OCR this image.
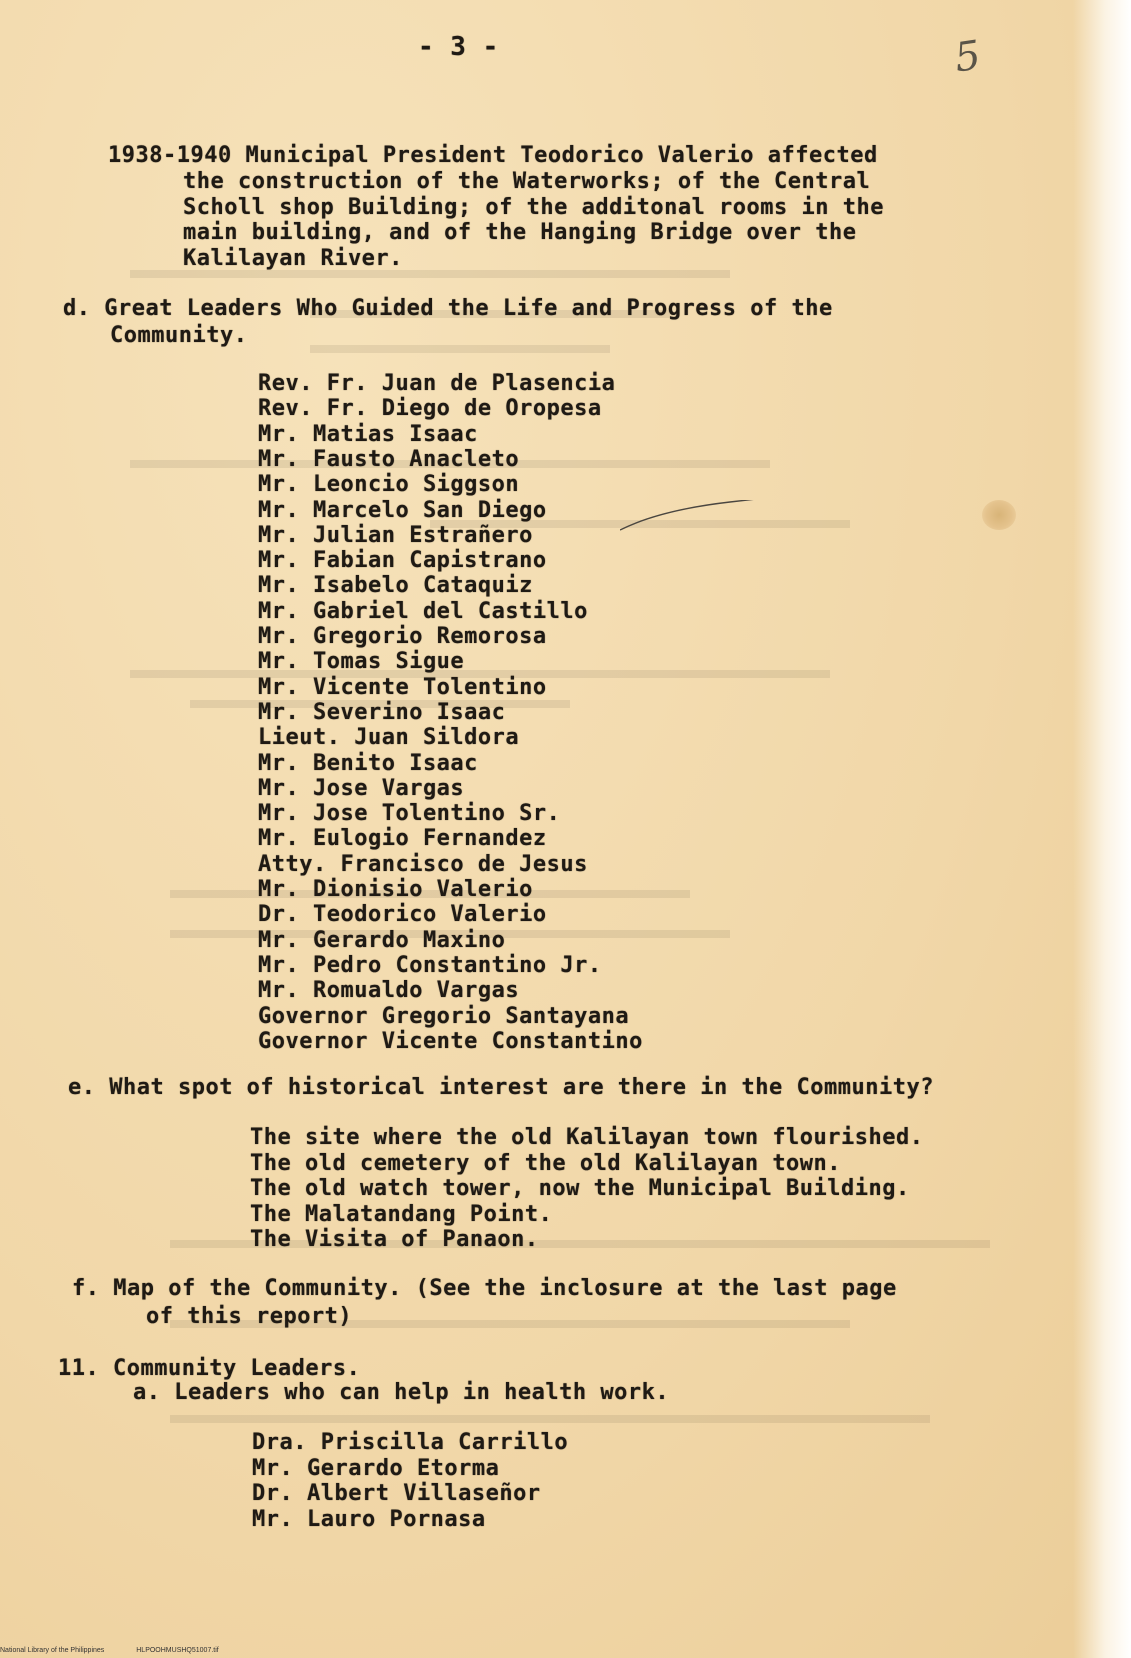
- 3 -	5
1938-1940 Municipal President Teodorico Valerio affected
the construction of the Waterworks; of the Central
Scholl shop Building; of the additonal rooms in the
main building, and of the Hanging Bridge over the
Kalilayan River.
d. Great Leaders Who Guided the Life and Progress of the
Community.
Rev. Fr. Juan de Plasencia
Rev. Fr. Diego de Oropesa
Mr. Matias Isaac
Mr. Fausto Anacleto
Mr. Leoncio Siggson
Mr. Marcelo San Diego
Mr. Julian Estrañero
Mr. Fabian Capistrano
Mr. Isabelo Cataquiz
Mr. Gabriel del Castillo
Mr. Gregorio Remorosa
Mr. Tomas Sigue
Mr. Vicente Tolentino
Mr. Severino Isaac
Lieut. Juan Sildora
Mr. Benito Isaac
Mr. Jose Vargas
Mr. Jose Tolentino Sr.
Mr. Eulogio Fernandez
Atty. Francisco de Jesus
Mr. Dionisio Valerio
Dr. Teodorico Valerio
Mr. Gerardo Maxino
Mr. Pedro Constantino Jr.
Mr. Romualdo Vargas
Governor Gregorio Santayana
Governor Vicente Constantino
e. What spot of historical interest are there in the Community?
The site where the old Kalilayan town flourished.
The old cemetery of the old Kalilayan town.
The old watch tower, now the Municipal Building.
The Malatandang Point.
The Visita of Panaon.
f. Map of the Community. (See the inclosure at the last page
of this report)
11. Community Leaders.
a. Leaders who can help in health work.
Dra. Priscilla Carrillo
Mr. Gerardo Etorma
Dr. Albert Villaseñor
Mr. Lauro Pornasa
National Library of the Philippines	HLPOOHMUSHQ51007.tif
